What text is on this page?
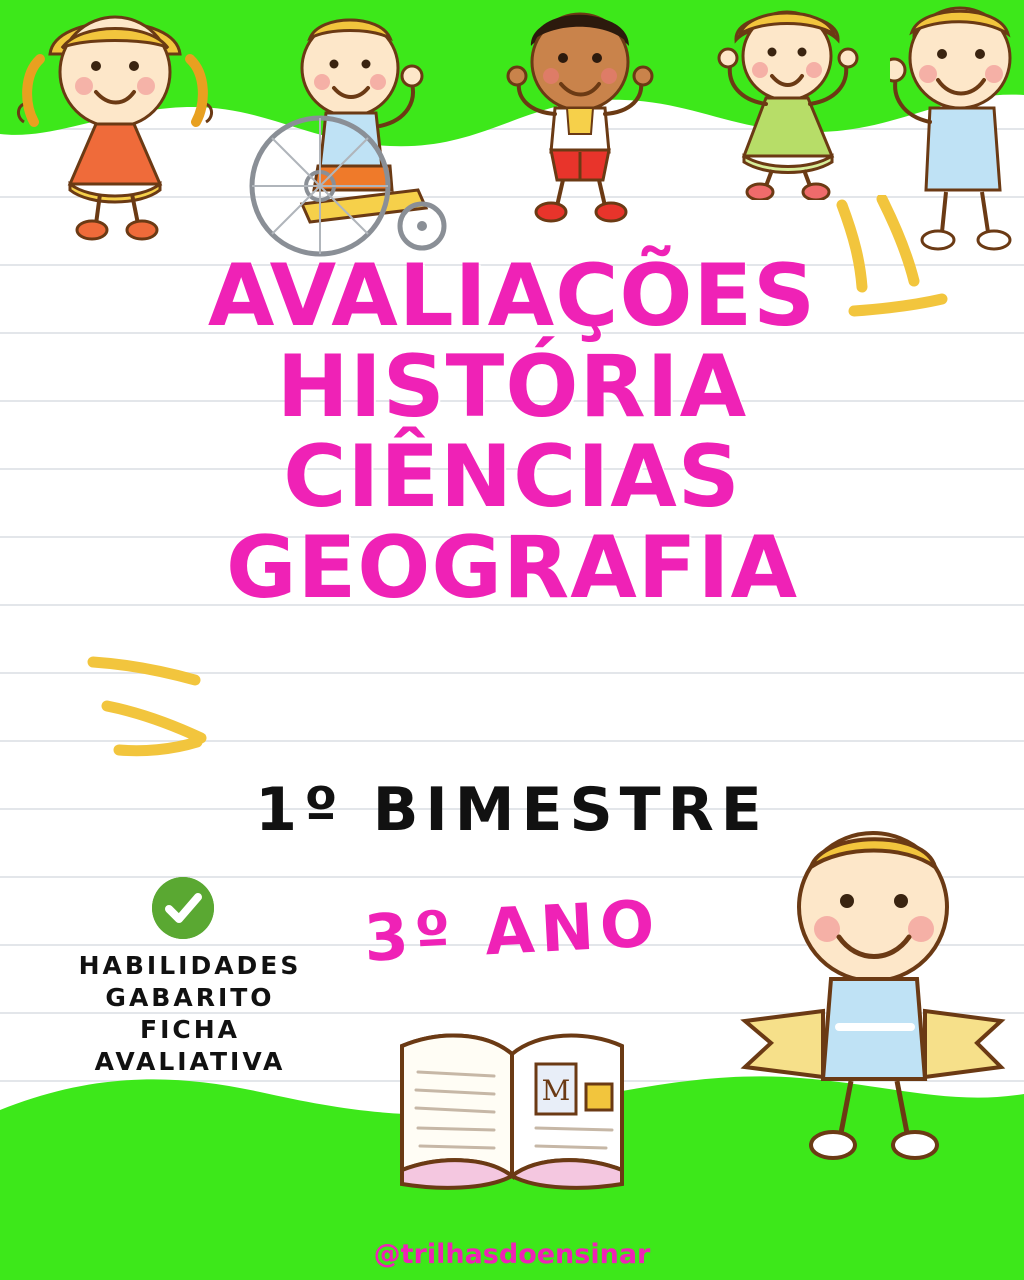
AVALIAÇÕES
HISTÓRIA
CIÊNCIAS
GEOGRAFIA
1º BIMESTRE
3º ANO
HABILIDADES
GABARITO
FICHA
AVALIATIVA
M
@trilhasdoensinar
